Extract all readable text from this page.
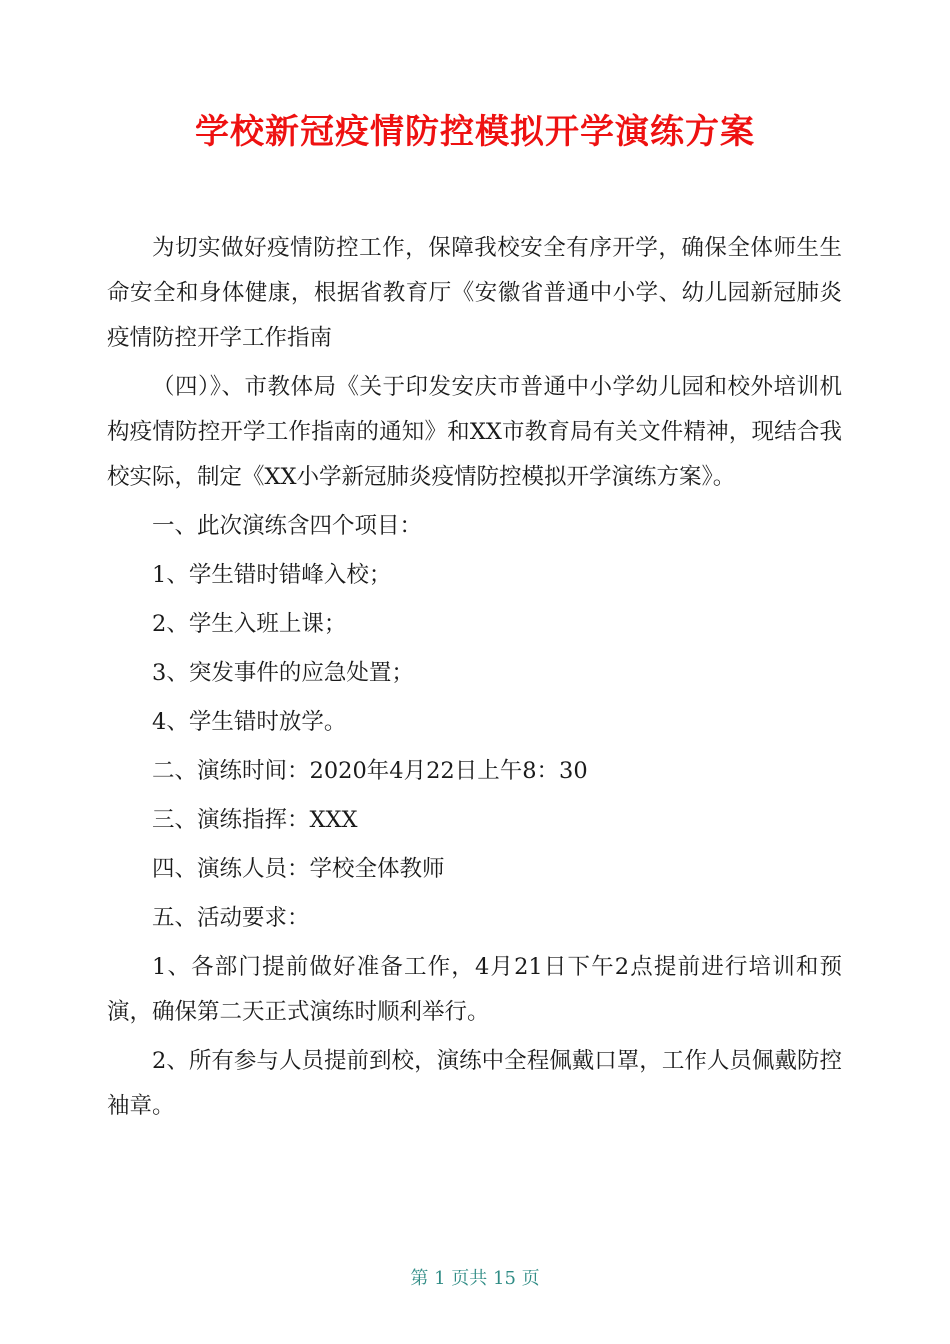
学校新冠疫情防控模拟开学演练方案

为切实做好疫情防控工作，保障我校安全有序开学，确保全体师生生命安全和身体健康，根据省教育厅《安徽省普通中小学、幼儿园新冠肺炎疫情防控开学工作指南

（四）》、市教体局《关于印发安庆市普通中小学幼儿园和校外培训机构疫情防控开学工作指南的通知》和XX市教育局有关文件精神，现结合我校实际，制定《XX小学新冠肺炎疫情防控模拟开学演练方案》。

一、此次演练含四个项目：

1、学生错时错峰入校；

2、学生入班上课；

3、突发事件的应急处置；

4、学生错时放学。

二、演练时间：2020年4月22日上午8：30

三、演练指挥：XXX

四、演练人员：学校全体教师

五、活动要求：

1、各部门提前做好准备工作，4月21日下午2点提前进行培训和预演，确保第二天正式演练时顺利举行。

2、所有参与人员提前到校，演练中全程佩戴口罩，工作人员佩戴防控袖章。

第 1 页共 15 页
